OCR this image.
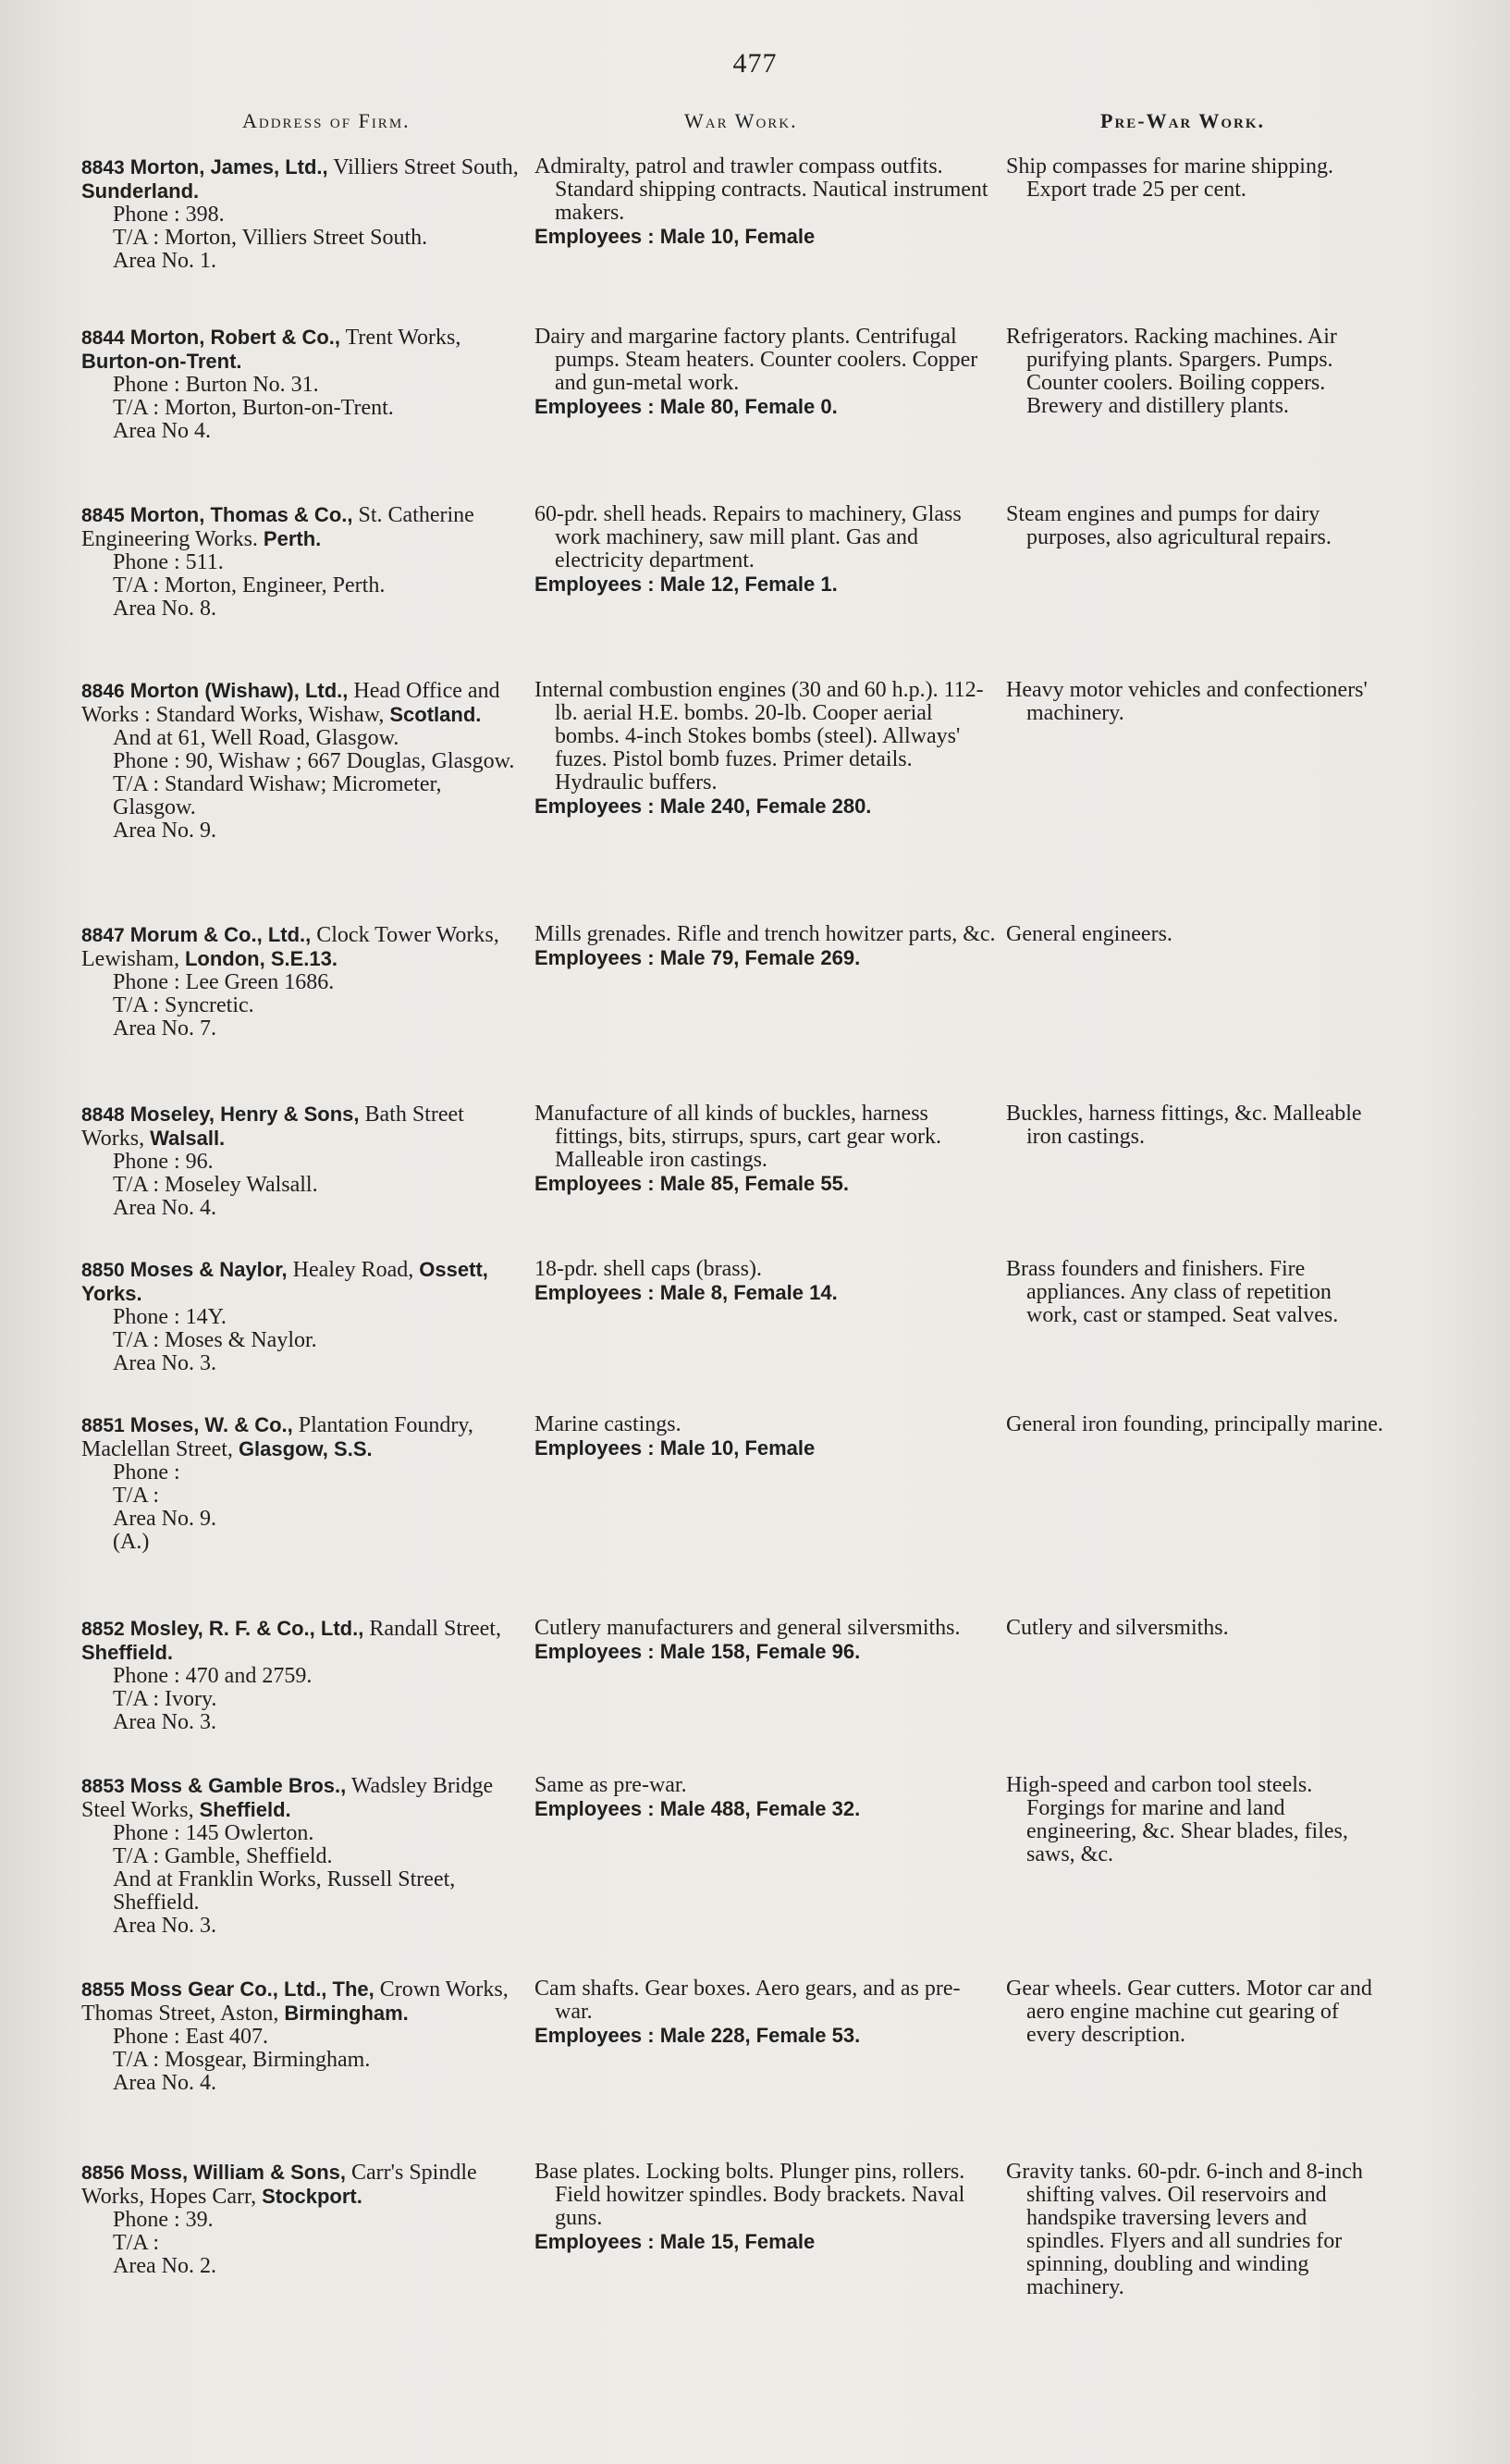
477
Address of Firm.	War Work.	Pre-War Work.
8843 Morton, James, Ltd., Villiers Street South, Sunderland.
Phone : 398.
T/A : Morton, Villiers Street South.
Area No. 1.
Admiralty, patrol and trawler compass outfits. Standard shipping contracts. Nautical instrument makers.
Employees : Male 10, Female
Ship compasses for marine shipping. Export trade 25 per cent.
8844 Morton, Robert & Co., Trent Works, Burton-on-Trent.
Phone : Burton No. 31.
T/A : Morton, Burton-on-Trent.
Area No 4.
Dairy and margarine factory plants. Centrifugal pumps. Steam heaters. Counter coolers. Copper and gun-metal work.
Employees : Male 80, Female 0.
Refrigerators. Racking machines. Air purifying plants. Spargers. Pumps. Counter coolers. Boiling coppers. Brewery and distillery plants.
8845 Morton, Thomas & Co., St. Catherine Engineering Works. Perth.
Phone : 511.
T/A : Morton, Engineer, Perth.
Area No. 8.
60-pdr. shell heads. Repairs to machinery, Glass work machinery, saw mill plant. Gas and electricity department.
Employees : Male 12, Female 1.
Steam engines and pumps for dairy purposes, also agricultural repairs.
8846 Morton (Wishaw), Ltd., Head Office and Works : Standard Works, Wishaw, Scotland.
And at 61, Well Road, Glasgow.
Phone : 90, Wishaw ; 667 Douglas, Glasgow.
T/A : Standard Wishaw; Micrometer, Glasgow.
Area No. 9.
Internal combustion engines (30 and 60 h.p.). 112-lb. aerial H.E. bombs. 20-lb. Cooper aerial bombs. 4-inch Stokes bombs (steel). Allways' fuzes. Pistol bomb fuzes. Primer details. Hydraulic buffers.
Employees : Male 240, Female 280.
Heavy motor vehicles and confectioners' machinery.
8847 Morum & Co., Ltd., Clock Tower Works, Lewisham, London, S.E.13.
Phone : Lee Green 1686.
T/A : Syncretic.
Area No. 7.
Mills grenades. Rifle and trench howitzer parts, &c.
Employees : Male 79, Female 269.
General engineers.
8848 Moseley, Henry & Sons, Bath Street Works, Walsall.
Phone : 96.
T/A : Moseley Walsall.
Area No. 4.
Manufacture of all kinds of buckles, harness fittings, bits, stirrups, spurs, cart gear work. Malleable iron castings.
Employees : Male 85, Female 55.
Buckles, harness fittings, &c. Malleable iron castings.
8850 Moses & Naylor, Healey Road, Ossett, Yorks.
Phone : 14Y.
T/A : Moses & Naylor.
Area No. 3.
18-pdr. shell caps (brass).
Employees : Male 8, Female 14.
Brass founders and finishers. Fire appliances. Any class of repetition work, cast or stamped. Seat valves.
8851 Moses, W. & Co., Plantation Foundry, Maclellan Street, Glasgow, S.S.
Phone :
T/A :
Area No. 9.
(A.)
Marine castings.
Employees : Male 10, Female
General iron founding, principally marine.
8852 Mosley, R. F. & Co., Ltd., Randall Street, Sheffield.
Phone : 470 and 2759.
T/A : Ivory.
Area No. 3.
Cutlery manufacturers and general silversmiths.
Employees : Male 158, Female 96.
Cutlery and silversmiths.
8853 Moss & Gamble Bros., Wadsley Bridge Steel Works, Sheffield.
Phone : 145 Owlerton.
T/A : Gamble, Sheffield.
And at Franklin Works, Russell Street, Sheffield.
Area No. 3.
Same as pre-war.
Employees : Male 488, Female 32.
High-speed and carbon tool steels. Forgings for marine and land engineering, &c. Shear blades, files, saws, &c.
8855 Moss Gear Co., Ltd., The, Crown Works, Thomas Street, Aston, Birmingham.
Phone : East 407.
T/A : Mosgear, Birmingham.
Area No. 4.
Cam shafts. Gear boxes. Aero gears, and as pre-war.
Employees : Male 228, Female 53.
Gear wheels. Gear cutters. Motor car and aero engine machine cut gearing of every description.
8856 Moss, William & Sons, Carr's Spindle Works, Hopes Carr, Stockport.
Phone : 39.
T/A :
Area No. 2.
Base plates. Locking bolts. Plunger pins, rollers. Field howitzer spindles. Body brackets. Naval guns.
Employees : Male 15, Female
Gravity tanks. 60-pdr. 6-inch and 8-inch shifting valves. Oil reservoirs and handspike traversing levers and spindles. Flyers and all sundries for spinning, doubling and winding machinery.
